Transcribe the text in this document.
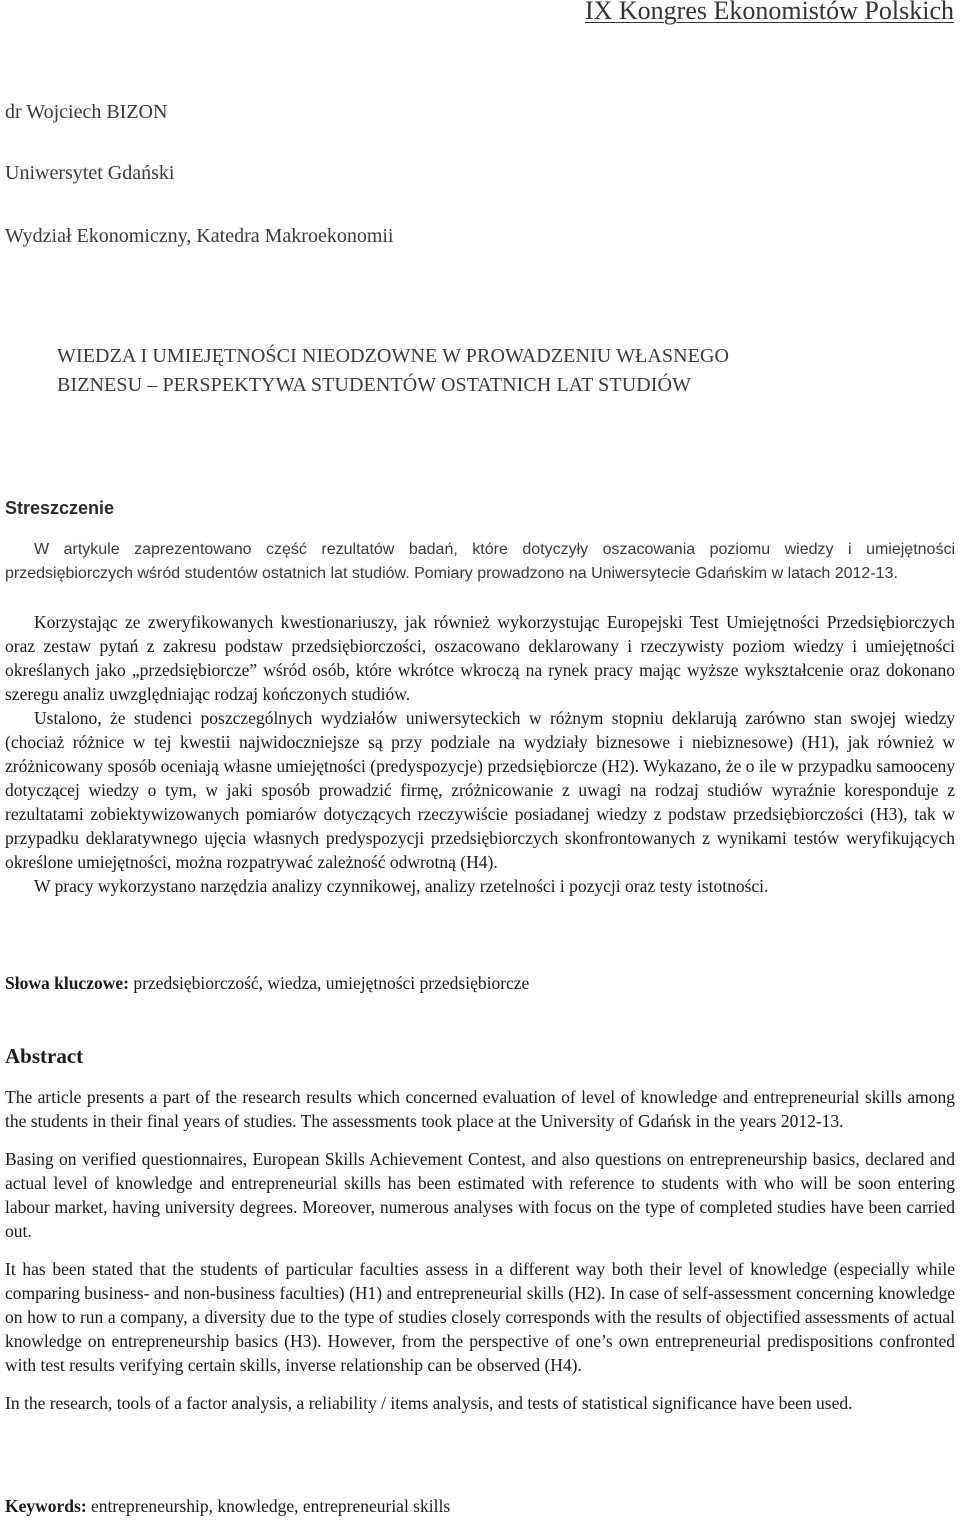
IX Kongres Ekonomistów Polskich
dr Wojciech BIZON
Uniwersytet Gdański
Wydział Ekonomiczny, Katedra Makroekonomii
WIEDZA I UMIEJĘTNOŚCI NIEODZOWNE W PROWADZENIU WŁASNEGO
BIZNESU – PERSPEKTYWA STUDENTÓW OSTATNICH LAT STUDIÓW
Streszczenie

W artykule zaprezentowano część rezultatów badań, które dotyczyły oszacowania poziomu wiedzy i umiejętności przedsiębiorczych wśród studentów ostatnich lat studiów. Pomiary prowadzono na Uniwersytecie Gdańskim w latach 2012-13.

Korzystając ze zweryfikowanych kwestionariuszy, jak również wykorzystując Europejski Test Umiejętności Przedsiębiorczych oraz zestaw pytań z zakresu podstaw przedsiębiorczości, oszacowano deklarowany i rzeczywisty poziom wiedzy i umiejętności określanych jako „przedsiębiorcze” wśród osób, które wkrótce wkroczą na rynek pracy mając wyższe wykształcenie oraz dokonano szeregu analiz uwzględniając rodzaj kończonych studiów.

Ustalono, że studenci poszczególnych wydziałów uniwersyteckich w różnym stopniu deklarują zarówno stan swojej wiedzy (chociaż różnice w tej kwestii najwidoczniejsze są przy podziale na wydziały biznesowe i niebiznesowe) (H1), jak również w zróżnicowany sposób oceniają własne umiejętności (predyspozycje) przedsiębiorcze (H2). Wykazano, że o ile w przypadku samooceny dotyczącej wiedzy o tym, w jaki sposób prowadzić firmę, zróżnicowanie z uwagi na rodzaj studiów wyraźnie koresponduje z rezultatami zobiektywizowanych pomiarów dotyczących rzeczywiście posiadanej wiedzy z podstaw przedsiębiorczości (H3), tak w przypadku deklaratywnego ujęcia własnych predyspozycji przedsiębiorczych skonfrontowanych z wynikami testów weryfikujących określone umiejętności, można rozpatrywać zależność odwrotną (H4).

W pracy wykorzystano narzędzia analizy czynnikowej, analizy rzetelności i pozycji oraz testy istotności.

Słowa kluczowe: przedsiębiorczość, wiedza, umiejętności przedsiębiorcze
Abstract

The article presents a part of the research results which concerned evaluation of level of knowledge and entrepreneurial skills among the students in their final years of studies. The assessments took place at the University of Gdańsk in the years 2012-13.

Basing on verified questionnaires, European Skills Achievement Contest, and also questions on entrepreneurship basics, declared and actual level of knowledge and entrepreneurial skills has been estimated with reference to students with who will be soon entering labour market, having university degrees. Moreover, numerous analyses with focus on the type of completed studies have been carried out.

It has been stated that the students of particular faculties assess in a different way both their level of knowledge (especially while comparing business- and non-business faculties) (H1) and entrepreneurial skills (H2). In case of self-assessment concerning knowledge on how to run a company, a diversity due to the type of studies closely corresponds with the results of objectified assessments of actual knowledge on entrepreneurship basics (H3). However, from the perspective of one’s own entrepreneurial predispositions confronted with test results verifying certain skills, inverse relationship can be observed (H4).

In the research, tools of a factor analysis, a reliability / items analysis, and tests of statistical significance have been used.

Keywords: entrepreneurship, knowledge, entrepreneurial skills
